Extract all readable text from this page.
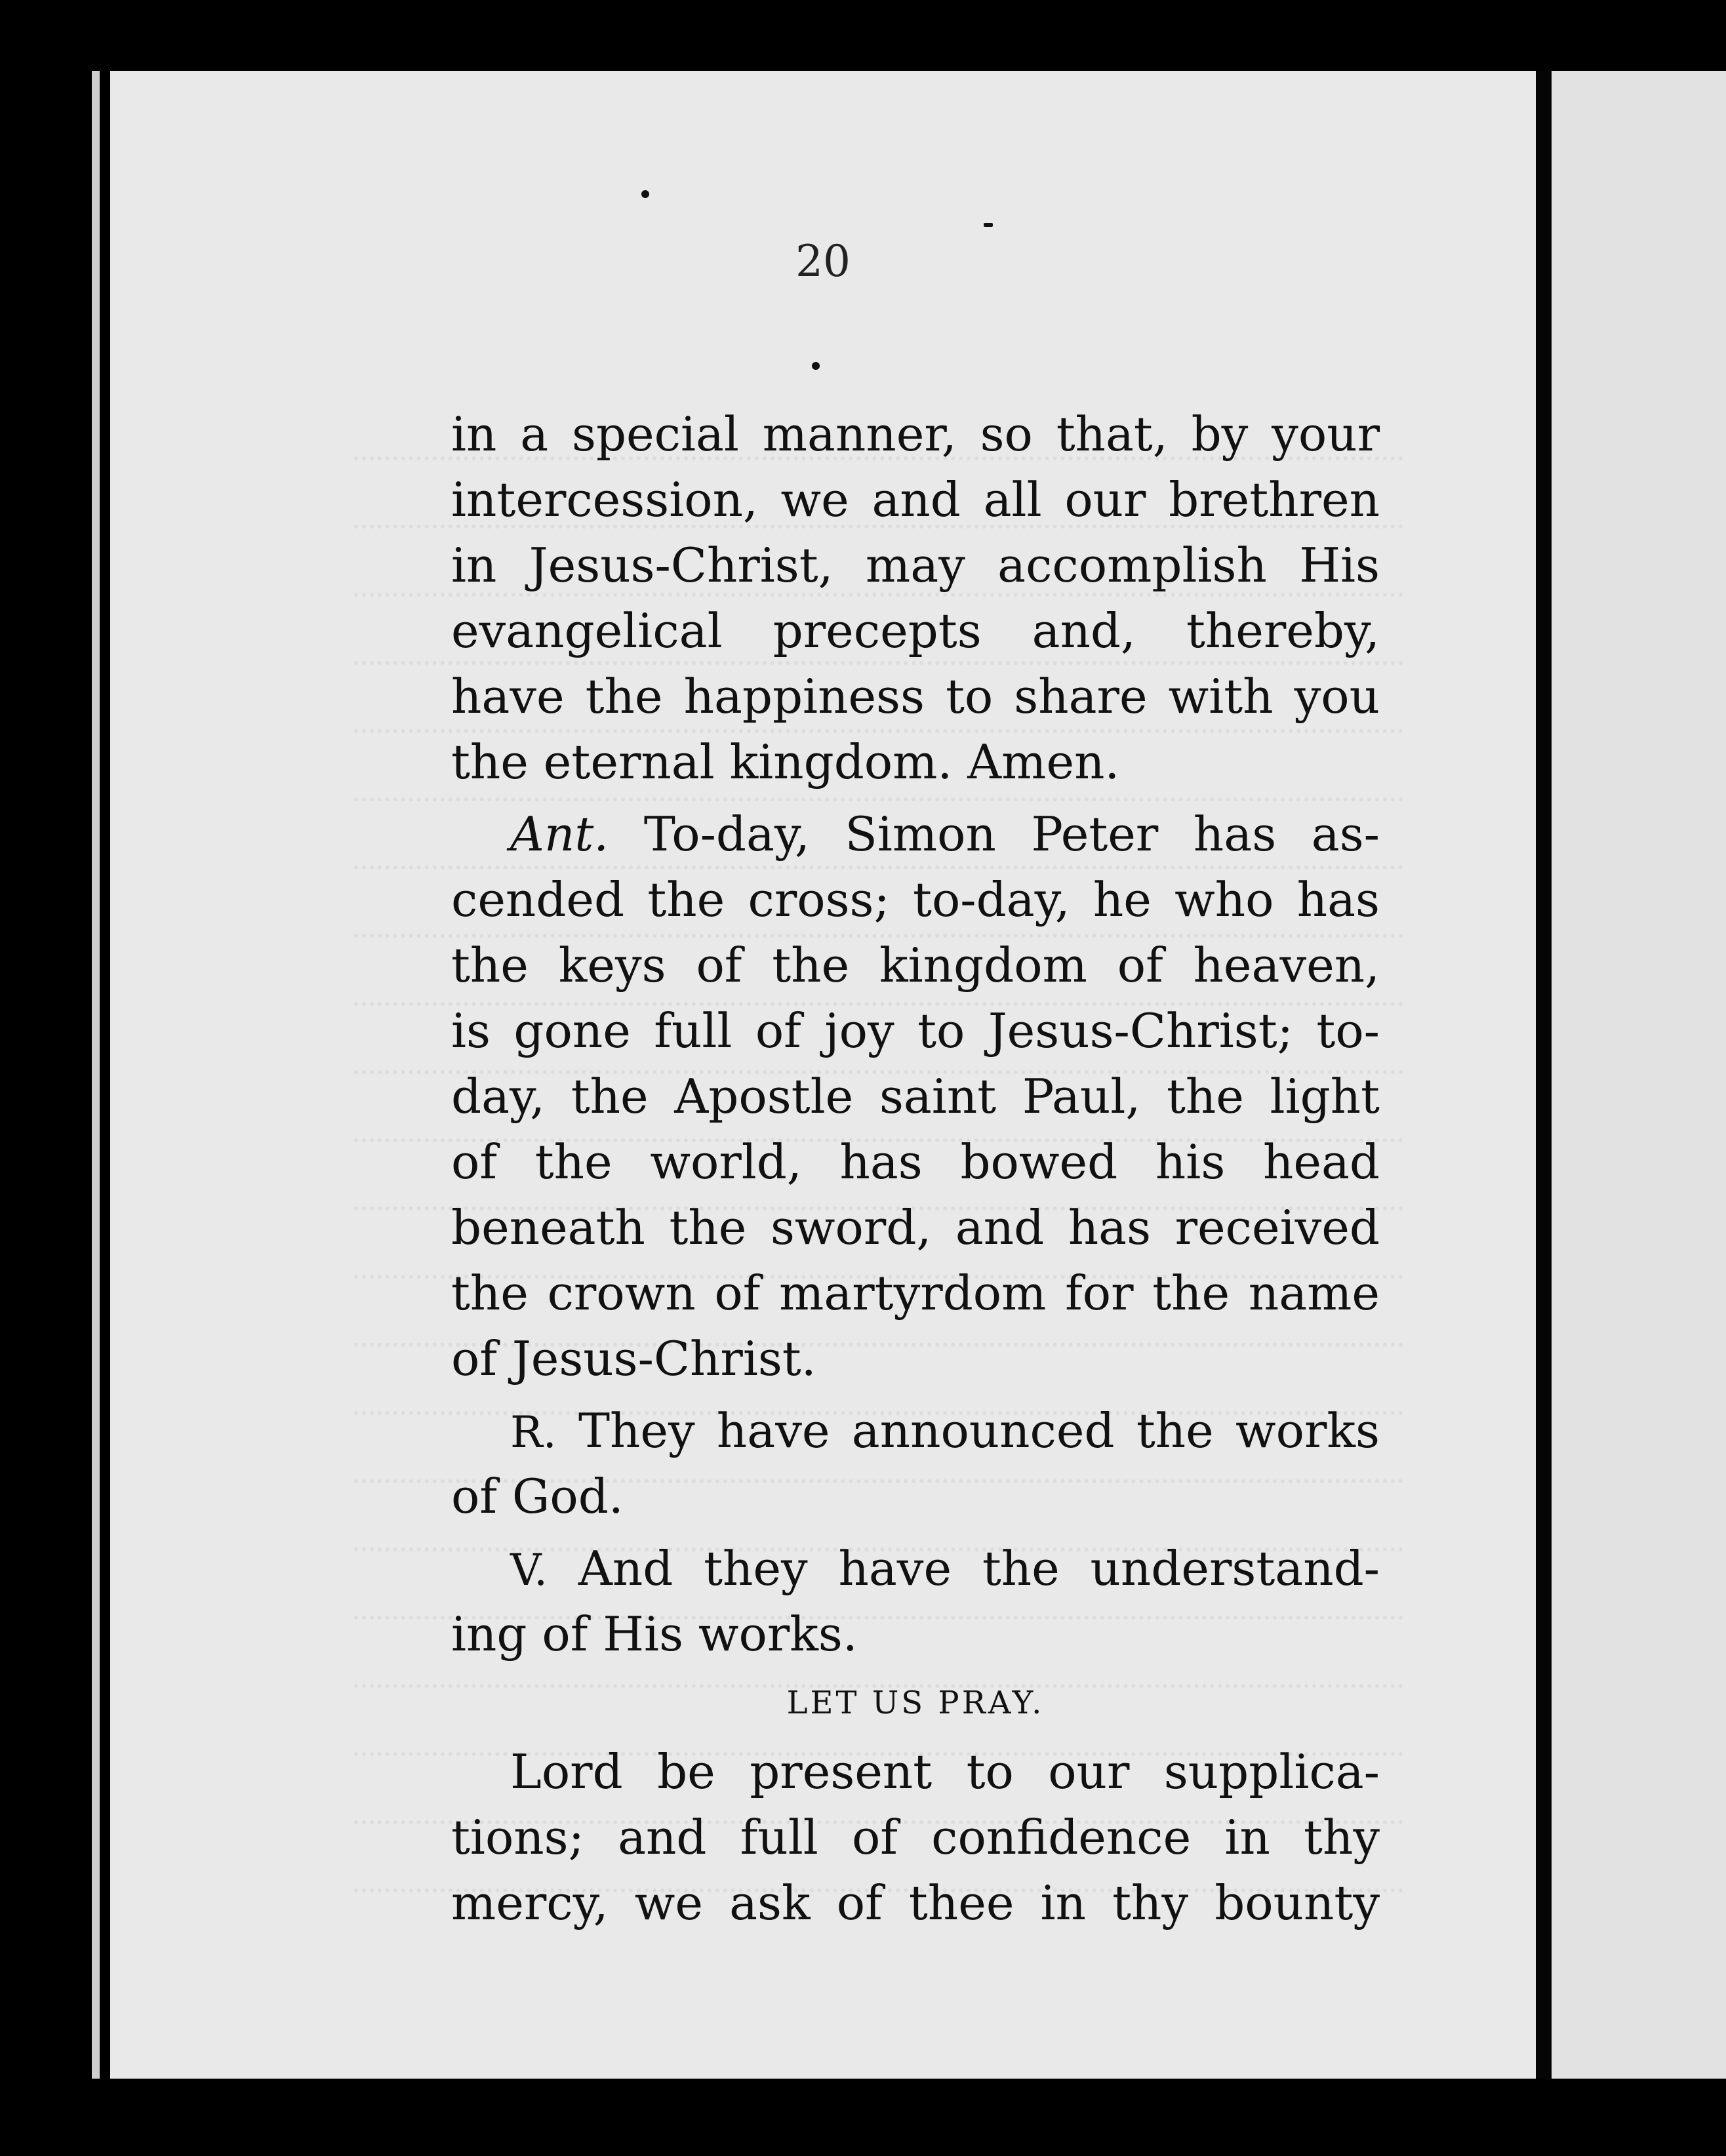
20
in a special manner, so that, by your
intercession, we and all our brethren
in Jesus-Christ, may accomplish His
evangelical precepts and, thereby,
have the happiness to share with you
the eternal kingdom. Amen.
Ant. To-day, Simon Peter has as-
cended the cross; to-day, he who has
the keys of the kingdom of heaven,
is gone full of joy to Jesus-Christ; to-
day, the Apostle saint Paul, the light
of the world, has bowed his head
beneath the sword, and has received
the crown of martyrdom for the name
of Jesus-Christ.
R. They have announced the works
of God.
V. And they have the understand-
ing of His works.
LET US PRAY.
Lord be present to our supplica-
tions; and full of confidence in thy
mercy, we ask of thee in thy bounty
